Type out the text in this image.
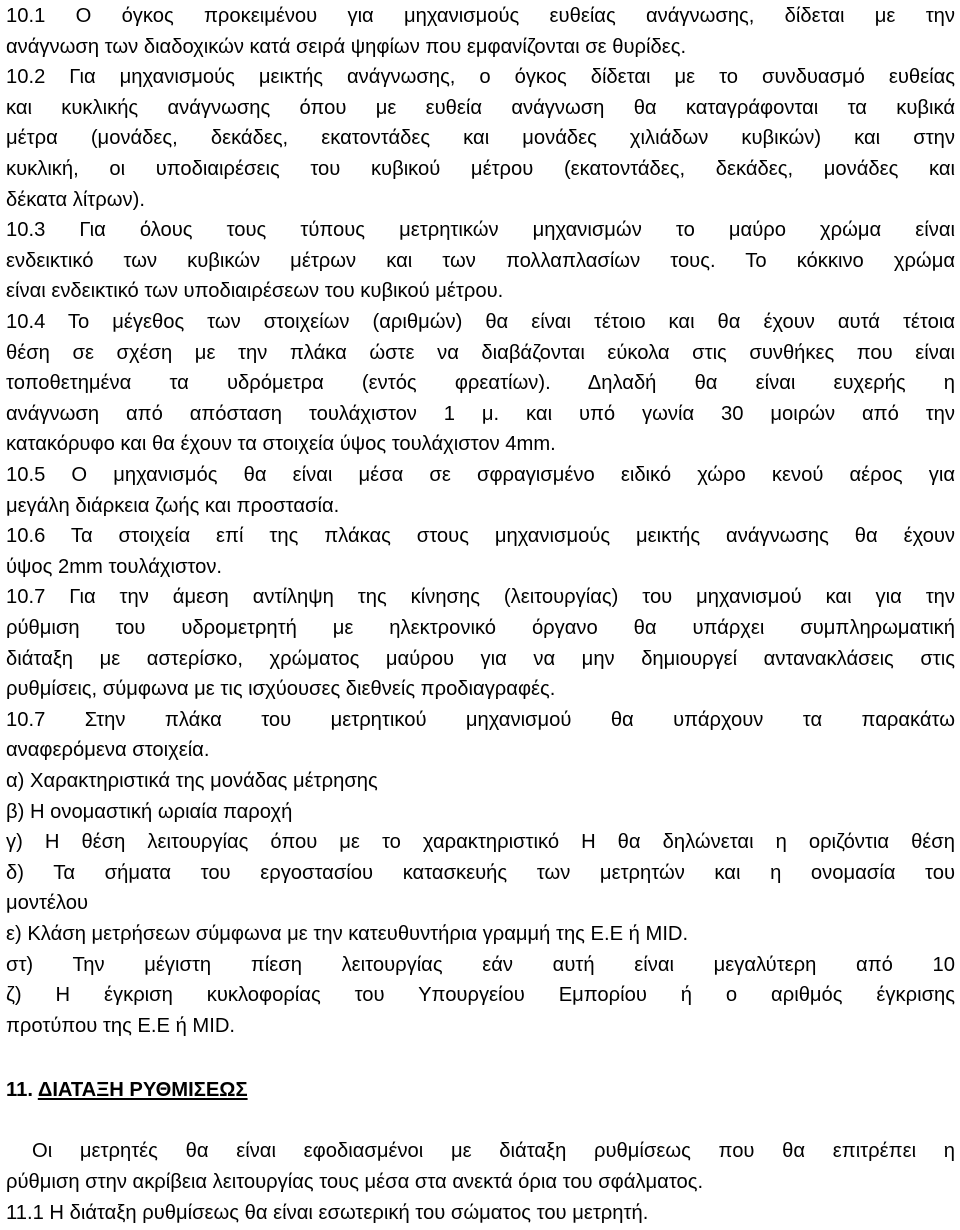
10.1 Ο όγκος προκειμένου για μηχανισμούς ευθείας ανάγνωσης, δίδεται με την
ανάγνωση των διαδοχικών κατά σειρά ψηφίων που εμφανίζονται σε θυρίδες.
10.2 Για μηχανισμούς μεικτής ανάγνωσης, ο όγκος δίδεται με το συνδυασμό ευθείας
και κυκλικής ανάγνωσης όπου με ευθεία ανάγνωση θα καταγράφονται τα κυβικά
μέτρα (μονάδες, δεκάδες, εκατοντάδες και μονάδες χιλιάδων κυβικών) και στην
κυκλική, οι υποδιαιρέσεις του κυβικού μέτρου (εκατοντάδες, δεκάδες, μονάδες και
δέκατα λίτρων).
10.3 Για όλους τους τύπους μετρητικών μηχανισμών το μαύρο χρώμα είναι
ενδεικτικό των κυβικών μέτρων και των πολλαπλασίων τους. Το κόκκινο χρώμα
είναι ενδεικτικό των υποδιαιρέσεων του κυβικού μέτρου.
10.4 Το μέγεθος των στοιχείων (αριθμών) θα είναι τέτοιο και θα έχουν αυτά τέτοια
θέση σε σχέση με την πλάκα ώστε να διαβάζονται εύκολα στις συνθήκες που είναι
τοποθετημένα τα υδρόμετρα (εντός φρεατίων). Δηλαδή θα είναι ευχερής η
ανάγνωση από απόσταση τουλάχιστον 1 μ. και υπό γωνία 30 μοιρών από την
κατακόρυφο και θα έχουν τα στοιχεία ύψος τουλάχιστον 4mm.
10.5 Ο μηχανισμός θα είναι μέσα σε σφραγισμένο ειδικό χώρο κενού αέρος για
μεγάλη διάρκεια ζωής και προστασία.
10.6 Τα στοιχεία επί της πλάκας στους μηχανισμούς μεικτής ανάγνωσης θα έχουν
ύψος 2mm τουλάχιστον.
10.7 Για την άμεση αντίληψη της κίνησης (λειτουργίας) του μηχανισμού και για την
ρύθμιση του υδρομετρητή με ηλεκτρονικό όργανο θα υπάρχει συμπληρωματική
διάταξη με αστερίσκο, χρώματος μαύρου για να μην δημιουργεί αντανακλάσεις στις
ρυθμίσεις, σύμφωνα με τις ισχύουσες διεθνείς προδιαγραφές.
10.7 Στην πλάκα του μετρητικού μηχανισμού θα υπάρχουν τα παρακάτω
αναφερόμενα στοιχεία.
α) Χαρακτηριστικά της μονάδας μέτρησης
β) Η ονομαστική ωριαία παροχή
γ) Η θέση λειτουργίας όπου με το χαρακτηριστικό Η θα δηλώνεται η οριζόντια θέση
δ) Τα σήματα του εργοστασίου κατασκευής των μετρητών και η ονομασία του
μοντέλου
ε) Κλάση μετρήσεων σύμφωνα με την κατευθυντήρια γραμμή της Ε.Ε ή MID.
στ) Την μέγιστη πίεση λειτουργίας εάν αυτή είναι μεγαλύτερη από 10
ζ) Η έγκριση κυκλοφορίας του Υπουργείου Εμπορίου ή ο αριθμός έγκρισης
προτύπου της Ε.Ε ή MID.
11. ΔΙΑΤΑΞΗ ΡΥΘΜΙΣΕΩΣ
Οι μετρητές θα είναι εφοδιασμένοι με διάταξη ρυθμίσεως που θα επιτρέπει η
ρύθμιση στην ακρίβεια λειτουργίας τους μέσα στα ανεκτά όρια του σφάλματος.
11.1 Η διάταξη ρυθμίσεως θα είναι εσωτερική του σώματος του μετρητή.
